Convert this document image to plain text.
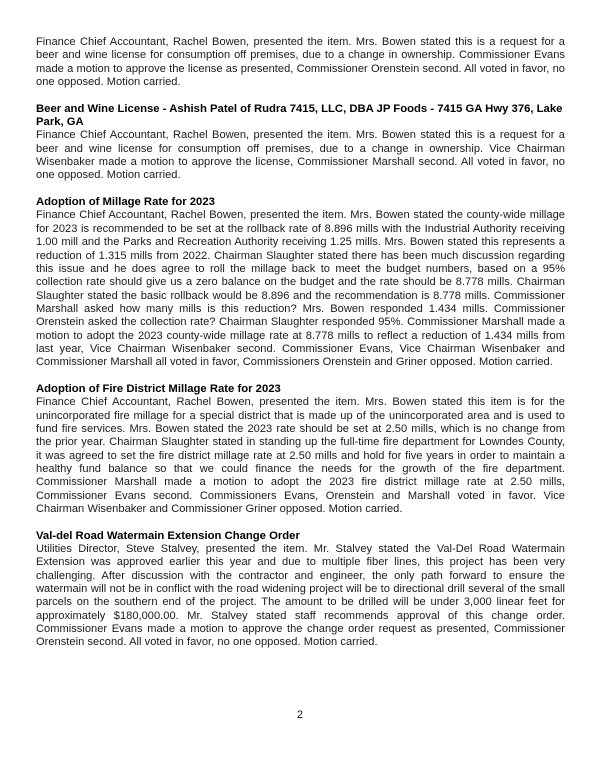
Finance Chief Accountant, Rachel Bowen, presented the item. Mrs. Bowen stated this is a request for a beer and wine license for consumption off premises, due to a change in ownership. Commissioner Evans made a motion to approve the license as presented, Commissioner Orenstein second. All voted in favor, no one opposed. Motion carried.

Beer and Wine License - Ashish Patel of Rudra 7415, LLC, DBA JP Foods - 7415 GA Hwy 376, Lake Park, GA

Finance Chief Accountant, Rachel Bowen, presented the item. Mrs. Bowen stated this is a request for a beer and wine license for consumption off premises, due to a change in ownership. Vice Chairman Wisenbaker made a motion to approve the license, Commissioner Marshall second. All voted in favor, no one opposed. Motion carried.

Adoption of Millage Rate for 2023

Finance Chief Accountant, Rachel Bowen, presented the item. Mrs. Bowen stated the county-wide millage for 2023 is recommended to be set at the rollback rate of 8.896 mills with the Industrial Authority receiving 1.00 mill and the Parks and Recreation Authority receiving 1.25 mills. Mrs. Bowen stated this represents a reduction of 1.315 mills from 2022. Chairman Slaughter stated there has been much discussion regarding this issue and he does agree to roll the millage back to meet the budget numbers, based on a 95% collection rate should give us a zero balance on the budget and the rate should be 8.778 mills. Chairman Slaughter stated the basic rollback would be 8.896 and the recommendation is 8.778 mills. Commissioner Marshall asked how many mills is this reduction? Mrs. Bowen responded 1.434 mills. Commissioner Orenstein asked the collection rate? Chairman Slaughter responded 95%. Commissioner Marshall made a motion to adopt the 2023 county-wide millage rate at 8.778 mills to reflect a reduction of 1.434 mills from last year, Vice Chairman Wisenbaker second. Commissioner Evans, Vice Chairman Wisenbaker and Commissioner Marshall all voted in favor, Commissioners Orenstein and Griner opposed. Motion carried.

Adoption of Fire District Millage Rate for 2023

Finance Chief Accountant, Rachel Bowen, presented the item. Mrs. Bowen stated this item is for the unincorporated fire millage for a special district that is made up of the unincorporated area and is used to fund fire services. Mrs. Bowen stated the 2023 rate should be set at 2.50 mills, which is no change from the prior year. Chairman Slaughter stated in standing up the full-time fire department for Lowndes County, it was agreed to set the fire district millage rate at 2.50 mills and hold for five years in order to maintain a healthy fund balance so that we could finance the needs for the growth of the fire department. Commissioner Marshall made a motion to adopt the 2023 fire district millage rate at 2.50 mills, Commissioner Evans second. Commissioners Evans, Orenstein and Marshall voted in favor. Vice Chairman Wisenbaker and Commissioner Griner opposed. Motion carried.

Val-del Road Watermain Extension Change Order

Utilities Director, Steve Stalvey, presented the item. Mr. Stalvey stated the Val-Del Road Watermain Extension was approved earlier this year and due to multiple fiber lines, this project has been very challenging. After discussion with the contractor and engineer, the only path forward to ensure the watermain will not be in conflict with the road widening project will be to directional drill several of the small parcels on the southern end of the project. The amount to be drilled will be under 3,000 linear feet for approximately $180,000.00. Mr. Stalvey stated staff recommends approval of this change order. Commissioner Evans made a motion to approve the change order request as presented, Commissioner Orenstein second. All voted in favor, no one opposed. Motion carried.

2
